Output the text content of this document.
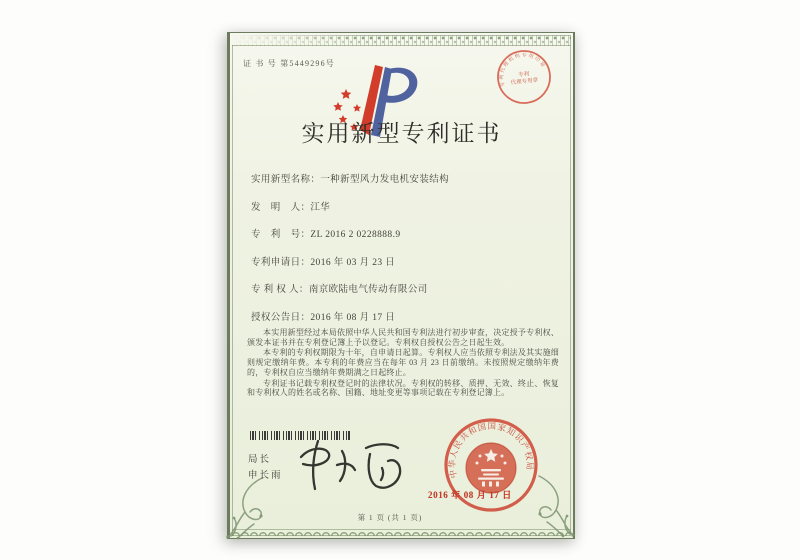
证 书 号 第5449296号
实用新型专利证书
实用新型名称：一种新型风力发电机安装结构
发　明　人：江华
专　利　号：ZL 2016 2 0228888.9
专利申请日：2016 年 03 月 23 日
专 利 权 人：南京欧陆电气传动有限公司
授权公告日：2016 年 08 月 17 日

本实用新型经过本局依照中华人民共和国专利法进行初步审查，决定授予专利权、颁发本证书并在专利登记簿上予以登记。专利权自授权公告之日起生效。

本专利的专利权期限为十年，自申请日起算。专利权人应当依照专利法及其实施细则规定缴纳年费。本专利的年费应当在每年 03 月 23 日前缴纳。未按照规定缴纳年费的，专利权自应当缴纳年费期满之日起终止。

专利证书记载专利权登记时的法律状况。专利权的转移、质押、无效、终止、恢复和专利权人的姓名或名称、国籍、地址变更等事项记载在专利登记簿上。

局长
申长雨
专利代理机构专用印章
专利
代理专用章
中华人民共和国国家知识产权局
2016 年 08 月 17 日
第 1 页 (共 1 页)
